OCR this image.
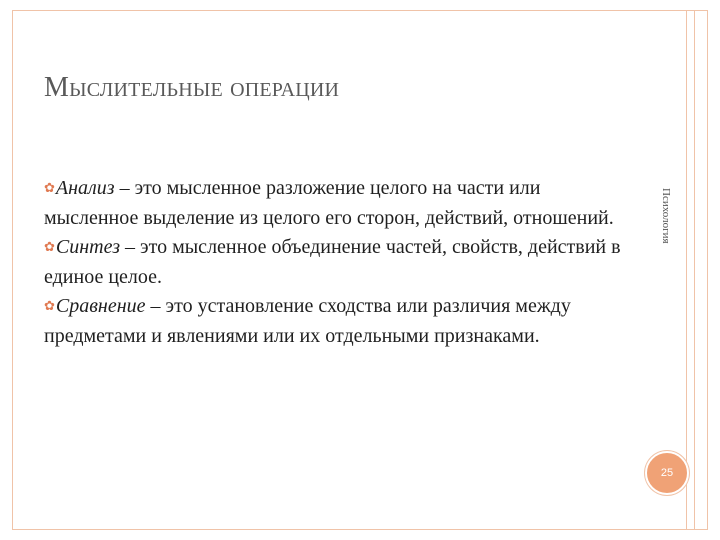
Мыслительные операции

✿Анализ – это мысленное разложение целого на части или мысленное выделение из целого его сторон, действий, отношений.

✿Синтез – это мысленное объединение частей, свойств, действий в единое целое.

✿Сравнение – это установление сходства или различия между предметами и явлениями или их отдельными признаками.

Психология
25
